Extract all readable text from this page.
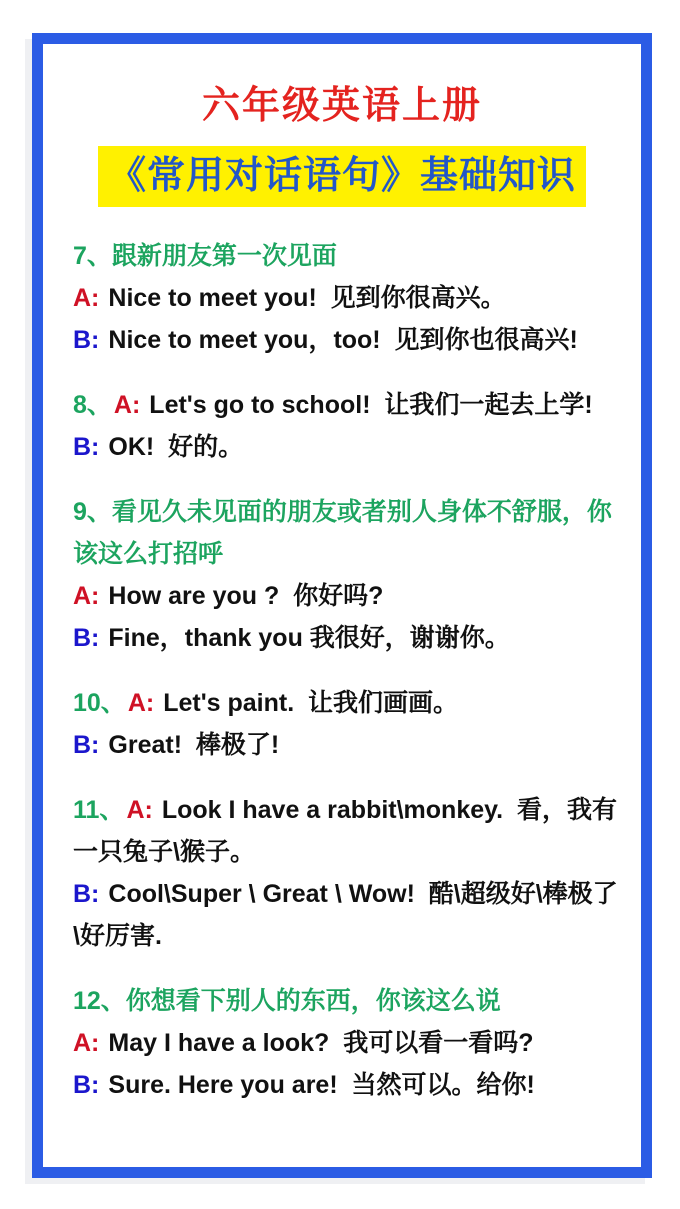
六年级英语上册
《常用对话语句》基础知识

7、跟新朋友第一次见面

A: Nice to meet you!  见到你很高兴。

B: Nice to meet you，too!  见到你也很高兴!

8、A: Let's go to school!  让我们一起去上学!

B: OK!  好的。

9、看见久未见面的朋友或者别人身体不舒服，你该这么打招呼

A: How are you ?  你好吗?

B: Fine，thank you 我很好，谢谢你。

10、A: Let's paint.  让我们画画。

B: Great!  棒极了!

11、A: Look I have a rabbit\monkey.  看，我有一只兔子\猴子。

B: Cool\Super \ Great \ Wow!  酷\超级好\棒极了\好厉害.

12、你想看下别人的东西，你该这么说

A: May I have a look?  我可以看一看吗?

B: Sure. Here you are!  当然可以。给你!
